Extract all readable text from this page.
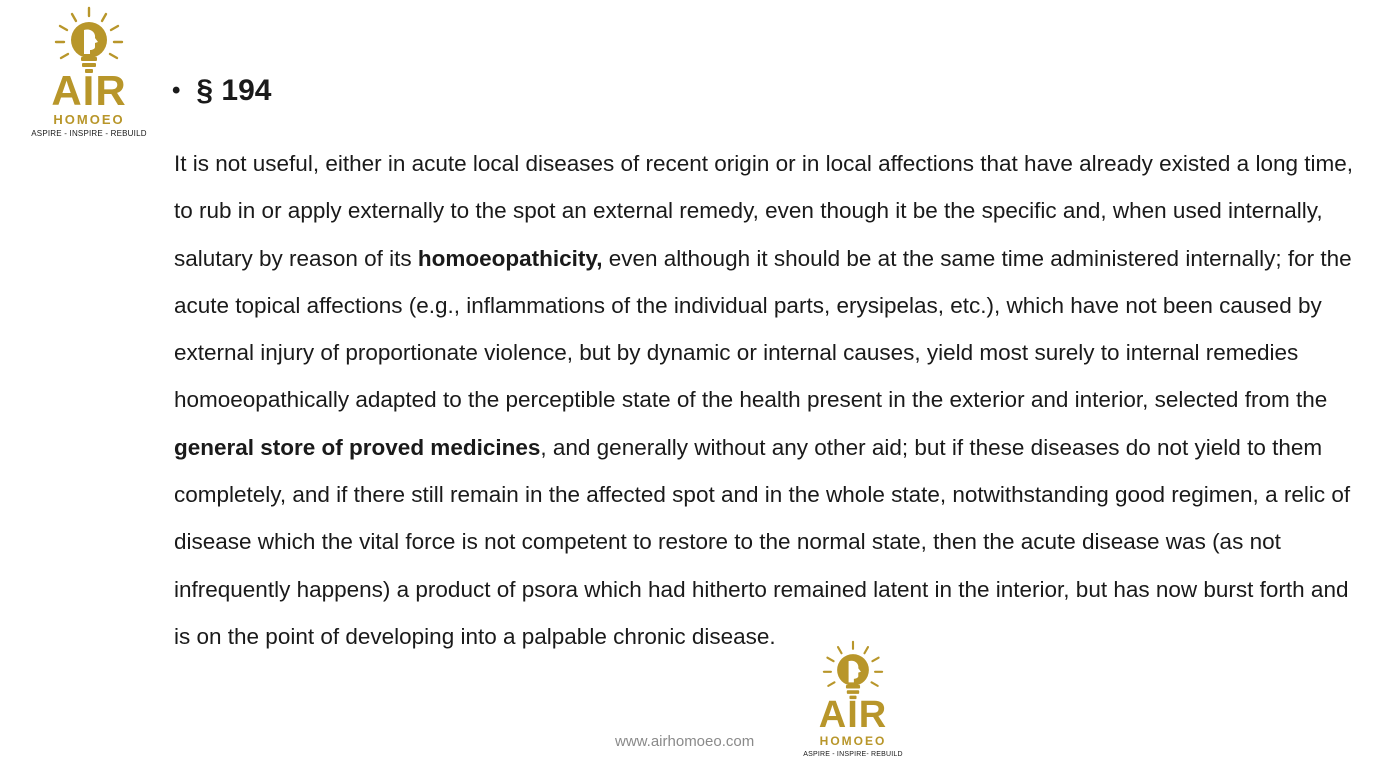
AIR
HOMOEO
ASPIRE - INSPIRE - REBUILD
• § 194

It is not useful, either in acute local diseases of recent origin or in local affections that have already existed a long time, to rub in or apply externally to the spot an external remedy, even though it be the specific and, when used internally, salutary by reason of its homoeopathicity, even although it should be at the same time administered internally; for the acute topical affections (e.g., inflammations of the individual parts, erysipelas, etc.), which have not been caused by external injury of proportionate violence, but by dynamic or internal causes, yield most surely to internal remedies homoeopathically adapted to the perceptible state of the health present in the exterior and interior, selected from the general store of proved medicines, and generally without any other aid; but if these diseases do not yield to them completely, and if there still remain in the affected spot and in the whole state, notwithstanding good regimen, a relic of disease which the vital force is not competent to restore to the normal state, then the acute disease was (as not infrequently happens) a product of psora which had hitherto remained latent in the interior, but has now burst forth and is on the point of developing into a palpable chronic disease.

www.airhomoeo.com
AIR
HOMOEO
ASPIRE - INSPIRE- REBUILD
